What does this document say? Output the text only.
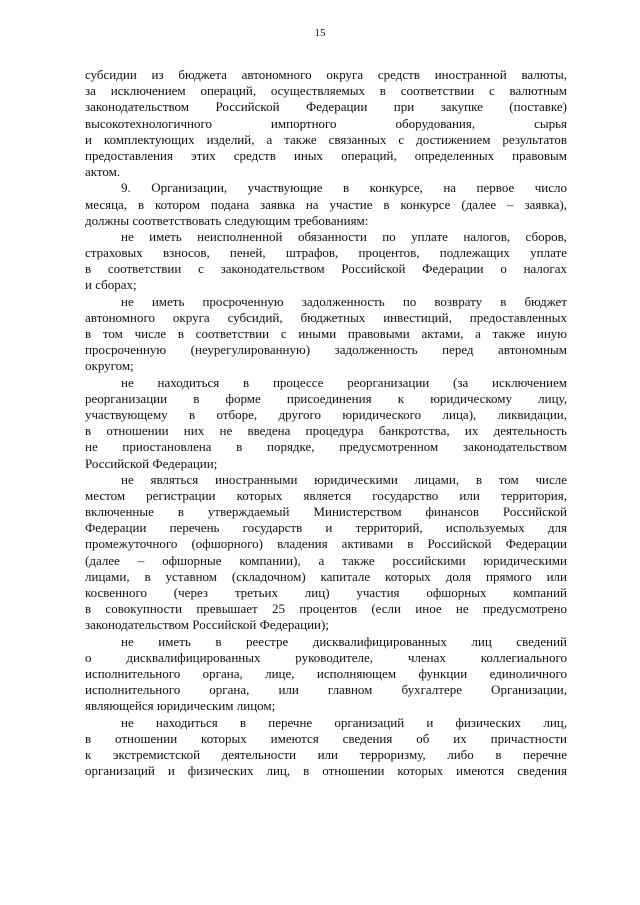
15
субсидии из бюджета автономного округа средств иностранной валюты,
за исключением операций, осуществляемых в соответствии с валютным
законодательством Российской Федерации при закупке (поставке)
высокотехнологичного импортного оборудования, сырья
и комплектующих изделий, а также связанных с достижением результатов
предоставления этих средств иных операций, определенных правовым
актом.
9. Организации, участвующие в конкурсе, на первое число
месяца, в котором подана заявка на участие в конкурсе (далее – заявка),
должны соответствовать следующим требованиям:
не иметь неисполненной обязанности по уплате налогов, сборов,
страховых взносов, пеней, штрафов, процентов, подлежащих уплате
в соответствии с законодательством Российской Федерации о налогах
и сборах;
не иметь просроченную задолженность по возврату в бюджет
автономного округа субсидий, бюджетных инвестиций, предоставленных
в том числе в соответствии с иными правовыми актами, а также иную
просроченную (неурегулированную) задолженность перед автономным
округом;
не находиться в процессе реорганизации (за исключением
реорганизации в форме присоединения к юридическому лицу,
участвующему в отборе, другого юридического лица), ликвидации,
в отношении них не введена процедура банкротства, их деятельность
не приостановлена в порядке, предусмотренном законодательством
Российской Федерации;
не являться иностранными юридическими лицами, в том числе
местом регистрации которых является государство или территория,
включенные в утверждаемый Министерством финансов Российской
Федерации перечень государств и территорий, используемых для
промежуточного (офшорного) владения активами в Российской Федерации
(далее – офшорные компании), а также российскими юридическими
лицами, в уставном (складочном) капитале которых доля прямого или
косвенного (через третьих лиц) участия офшорных компаний
в совокупности превышает 25 процентов (если иное не предусмотрено
законодательством Российской Федерации);
не иметь в реестре дисквалифицированных лиц сведений
о дисквалифицированных руководителе, членах коллегиального
исполнительного органа, лице, исполняющем функции единоличного
исполнительного органа, или главном бухгалтере Организации,
являющейся юридическим лицом;
не находиться в перечне организаций и физических лиц,
в отношении которых имеются сведения об их причастности
к экстремистской деятельности или терроризму, либо в перечне
организаций и физических лиц, в отношении которых имеются сведения
